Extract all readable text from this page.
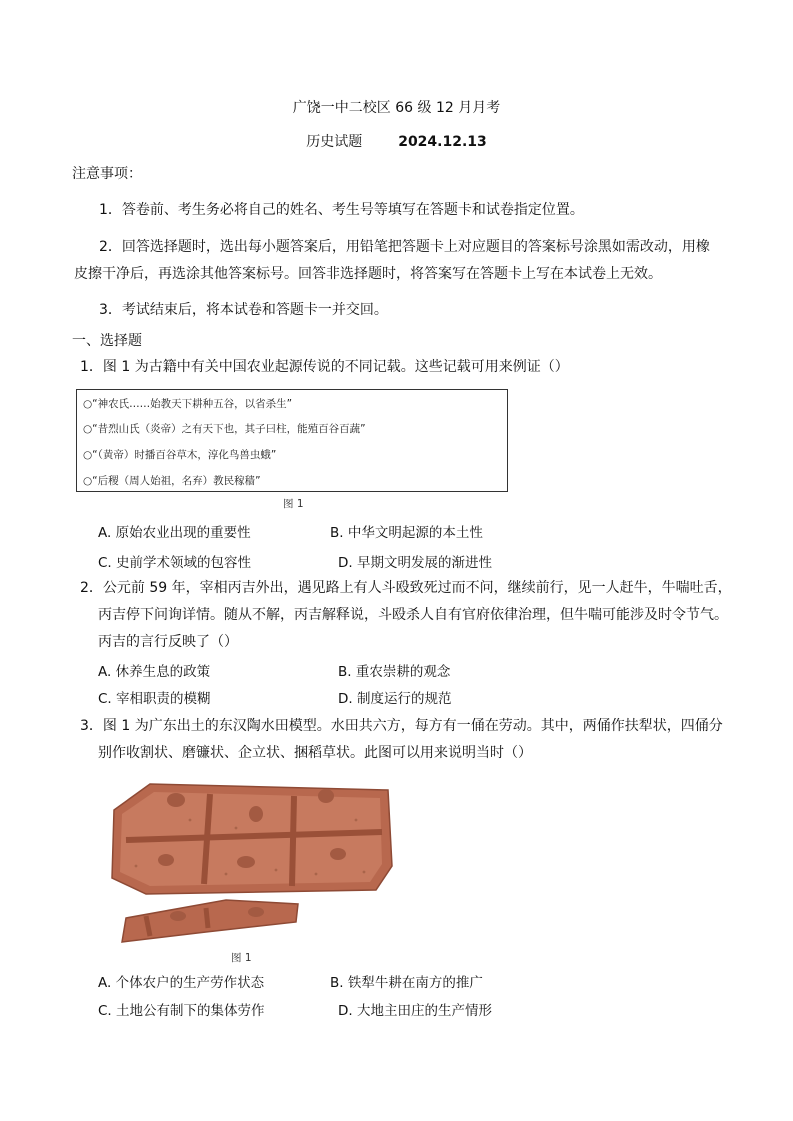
广饶一中二校区 66 级 12 月月考
历史试题	2024.12.13
注意事项：
1．答卷前、考生务必将自己的姓名、考生号等填写在答题卡和试卷指定位置。
2．回答选择题时，选出每小题答案后，用铅笔把答题卡上对应题目的答案标号涂黑如需改动，用橡
皮擦干净后，再选涂其他答案标号。回答非选择题时，将答案写在答题卡上写在本试卷上无效。
3．考试结束后，将本试卷和答题卡一并交回。
一、选择题
1．图 1 为古籍中有关中国农业起源传说的不同记载。这些记载可用来例证（）
○“神农氏……始教天下耕种五谷，以省杀生”
○“昔烈山氏（炎帝）之有天下也，其子曰柱，能殖百谷百蔬”
○“（黄帝）时播百谷草木，淳化鸟兽虫蛾”
○“后稷（周人始祖，名弃）教民稼穑”
图 1
A. 原始农业出现的重要性	B. 中华文明起源的本土性
C. 史前学术领域的包容性	D. 早期文明发展的渐进性
2．公元前 59 年，宰相丙吉外出，遇见路上有人斗殴致死过而不问，继续前行，见一人赶牛，牛喘吐舌，
丙吉停下问询详情。随从不解，丙吉解释说，斗殴杀人自有官府依律治理，但牛喘可能涉及时令节气。
丙吉的言行反映了（）
A. 休养生息的政策	B. 重农崇耕的观念
C. 宰相职责的模糊	D. 制度运行的规范
3．图 1 为广东出土的东汉陶水田模型。水田共六方，每方有一俑在劳动。其中，两俑作扶犁状，四俑分
别作收割状、磨镰状、企立状、捆稻草状。此图可以用来说明当时（）
图 1
A. 个体农户的生产劳作状态	B. 铁犁牛耕在南方的推广
C. 土地公有制下的集体劳作	D. 大地主田庄的生产情形
